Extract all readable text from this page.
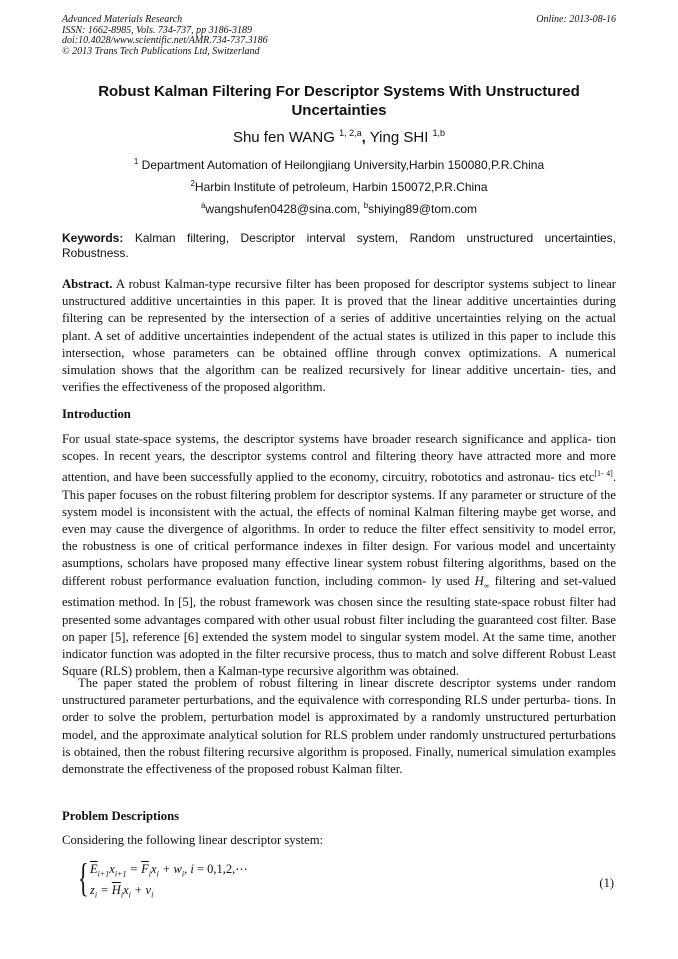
Advanced Materials Research
ISSN: 1662-8985, Vols. 734-737, pp 3186-3189
doi:10.4028/www.scientific.net/AMR.734-737.3186
© 2013 Trans Tech Publications Ltd, Switzerland
Online: 2013-08-16
Robust Kalman Filtering For Descriptor Systems With Unstructured Uncertainties
Shu fen WANG $^{1, 2,a}$, Ying SHI $^{1,b}$
$^1$ Department Automation of Heilongjiang University,Harbin 150080,P.R.China
$^2$Harbin Institute of petroleum, Harbin 150072,P.R.China
$^a$wangshufen0428@sina.com, $^b$shiying89@tom.com
Keywords: Kalman filtering, Descriptor interval system, Random unstructured uncertainties, Robustness.
Abstract. A robust Kalman-type recursive filter has been proposed for descriptor systems subject to linear unstructured additive uncertainties in this paper. It is proved that the linear additive uncertainties during filtering can be represented by the intersection of a series of additive uncertainties relying on the actual plant. A set of additive uncertainties independent of the actual states is utilized in this paper to include this intersection, whose parameters can be obtained offline through convex optimizations. A numerical simulation shows that the algorithm can be realized recursively for linear additive uncertain- ties, and verifies the effectiveness of the proposed algorithm.
Introduction
For usual state-space systems, the descriptor systems have broader research significance and applica- tion scopes. In recent years, the descriptor systems control and filtering theory have attracted more and more attention, and have been successfully applied to the economy, circuitry, robototics and astronau- tics etc[1- 4]. This paper focuses on the robust filtering problem for descriptor systems. If any parameter or structure of the system model is inconsistent with the actual, the effects of nominal Kalman filtering maybe get worse, and even may cause the divergence of algorithms. In order to reduce the filter effect sensitivity to model error, the robustness is one of critical performance indexes in filter design. For various model and uncertainty asumptions, scholars have proposed many effective linear system robust filtering algorithms, based on the different robust performance evaluation function, including common- ly used $H_\infty$ filtering and set-valued estimation method. In [5], the robust framework was chosen since the resulting state-space robust filter had presented some advantages compared with other usual robust filter including the guaranteed cost filter. Base on paper [5], reference [6] extended the system model to singular system model. At the same time, another indicator function was adopted in the filter recursive process, thus to match and solve different Robust Least Square (RLS) problem, then a Kalman-type recursive algorithm was obtained.
The paper stated the problem of robust filtering in linear discrete descriptor systems under random unstructured parameter perturbations, and the equivalence with corresponding RLS under perturba- tions. In order to solve the problem, perturbation model is approximated by a randomly unstructured perturbation model, and the approximate analytical solution for RLS problem under randomly unstructured perturbations is obtained, then the robust filtering recursive algorithm is proposed. Finally, numerical simulation examples demonstrate the effectiveness of the proposed robust Kalman filter.
Problem Descriptions
Considering the following linear descriptor system:
{ $\overline{E}_{i+1}x_{i+1} = \overline{F}_ix_i + w_i$, i = 0,1,2,⋯
$z_i = \overline{H}_ix_i + v_i$
(1)
